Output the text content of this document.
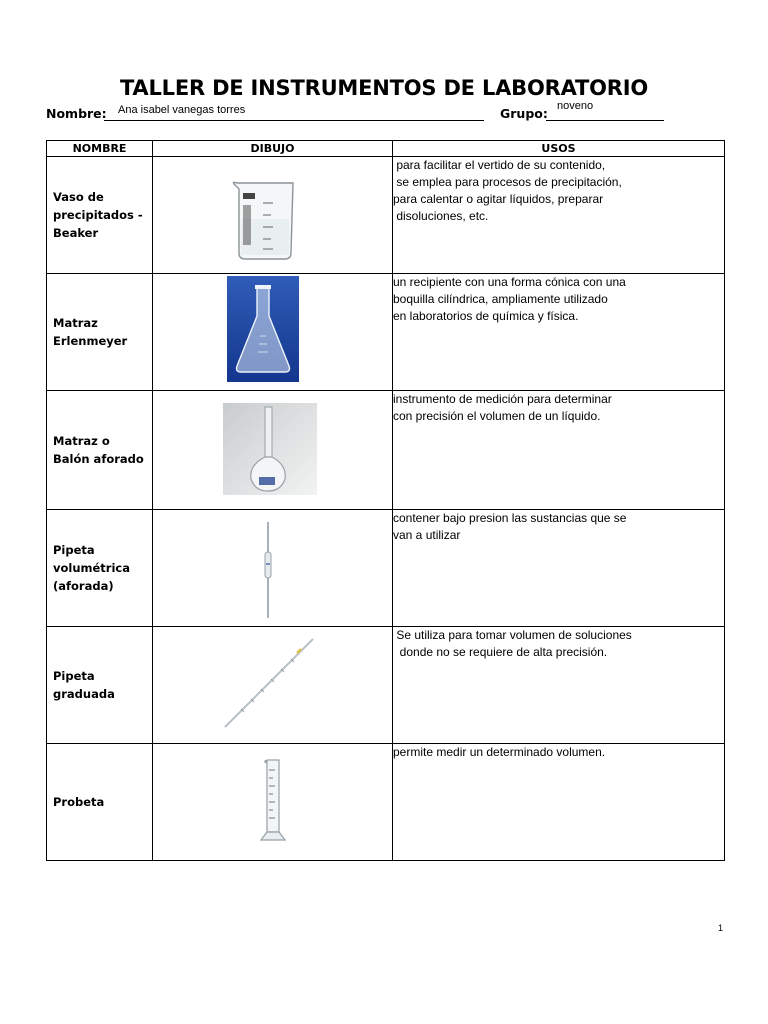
TALLER DE INSTRUMENTOS DE LABORATORIO
Nombre: Ana isabel vanegas torres	Grupo: noveno
NOMBRE	DIBUJO	USOS
Vaso de
precipitados -
Beaker		para facilitar el vertido de su contenido,
se emplea para procesos de precipitación,
para calentar o agitar líquidos, preparar
disoluciones, etc.
Matraz
Erlenmeyer		un recipiente con una forma cónica con una
boquilla cilíndrica, ampliamente utilizado
en laboratorios de química y física.
Matraz o
Balón aforado		instrumento de medición para determinar
con precisión el volumen de un líquido.
Pipeta
volumétrica
(aforada)		contener bajo presion las sustancias que se
van a utilizar
Pipeta
graduada		Se utiliza para tomar volumen de soluciones
donde no se requiere de alta precisión.
Probeta		permite medir un determinado volumen.
1
